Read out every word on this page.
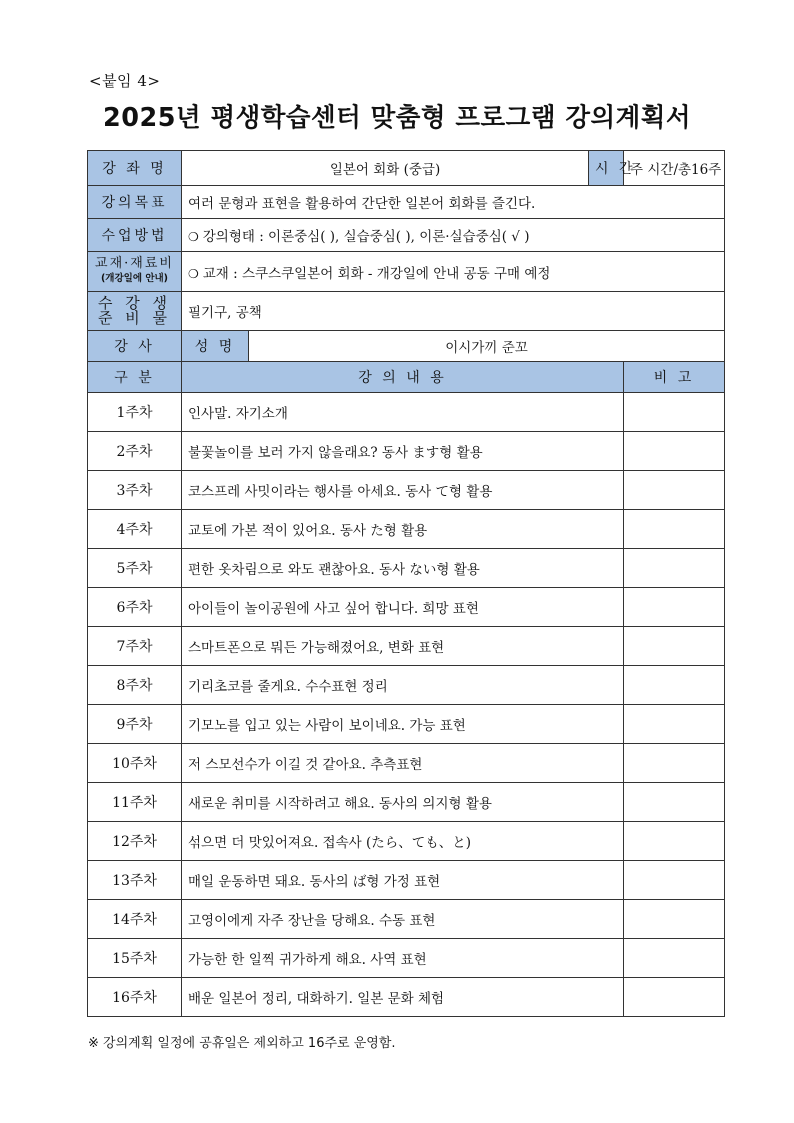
<붙임 4>
2025년 평생학습센터 맞춤형 프로그램 강의계획서
강 좌 명	일본어 회화 (중급)		시 간	주 시간/총16주
강의목표	여러 문형과 표현을 활용하여 간단한 일본어 회화를 즐긴다.			
수업방법	❍ 강의형태 : 이론중심( ), 실습중심( ), 이론·실습중심( √ )			
교재·재료비
(개강일에 안내)	❍ 교재 : 스쿠스쿠일본어 회화 - 개강일에 안내 공동 구매 예정			
수 강 생
준 비 물	필기구, 공책			
강 사	성 명	이시가끼 준꼬		
구 분	강 의 내 용			비 고
1주차	인사말. 자기소개			
2주차	불꽃놀이를 보러 가지 않을래요? 동사 ます형 활용			
3주차	코스프레 사밋이라는 행사를 아세요. 동사 て형 활용			
4주차	교토에 가본 적이 있어요. 동사 た형 활용			
5주차	편한 옷차림으로 와도 괜찮아요. 동사 ない형 활용			
6주차	아이들이 놀이공원에 사고 싶어 합니다. 희망 표현			
7주차	스마트폰으로 뭐든 가능해졌어요, 변화 표현			
8주차	기리초코를 줄게요. 수수표현 정리			
9주차	기모노를 입고 있는 사람이 보이네요. 가능 표현			
10주차	저 스모선수가 이길 것 같아요. 추측표현			
11주차	새로운 취미를 시작하려고 해요. 동사의 의지형 활용			
12주차	섞으면 더 맛있어져요. 접속사 (たら、ても、と)			
13주차	매일 운동하면 돼요. 동사의 ば형 가정 표현			
14주차	고영이에게 자주 장난을 당해요. 수동 표현			
15주차	가능한 한 일찍 귀가하게 해요. 사역 표현			
16주차	배운 일본어 정리, 대화하기. 일본 문화 체험			
※ 강의계획 일정에 공휴일은 제외하고 16주로 운영함.
